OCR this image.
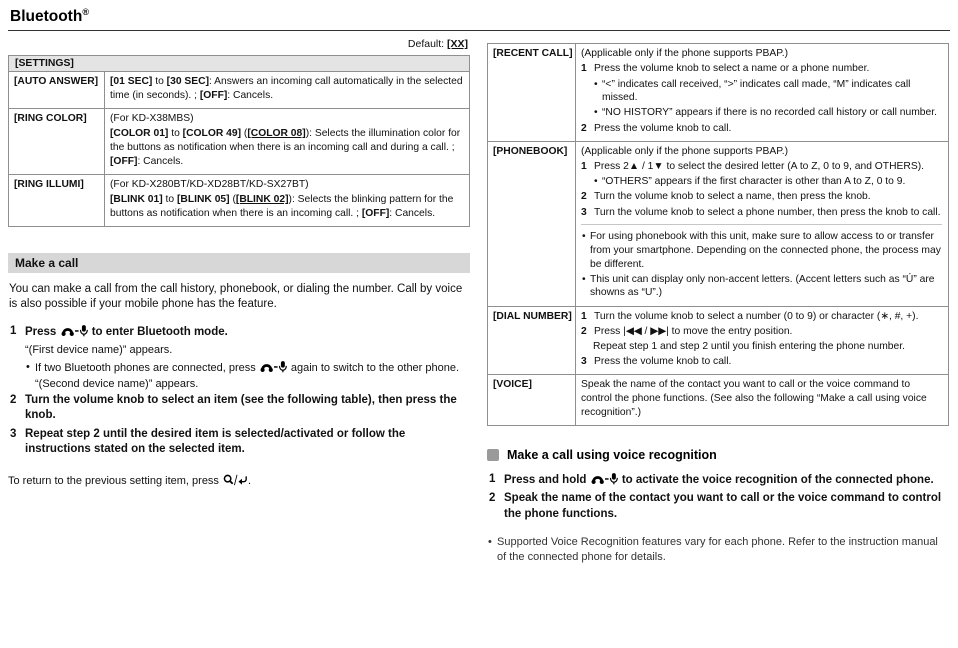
Bluetooth®
Default: [XX]
[SETTINGS]	
[AUTO ANSWER]	[01 SEC] to [30 SEC]: Answers an incoming call automatically in the selected time (in seconds). ; [OFF]: Cancels.

[RING COLOR]	(For KD-X38MBS)
[COLOR 01] to [COLOR 49] ([COLOR 08]): Selects the illumination color for the buttons as notification when there is an incoming call and during a call. ; [OFF]: Cancels.

[RING ILLUMI]	(For KD-X280BT/KD-XD28BT/KD-SX27BT)
[BLINK 01] to [BLINK 05] ([BLINK 02]): Selects the blinking pattern for the buttons as notification when there is an incoming call. ; [OFF]: Cancels.
Make a call

You can make a call from the call history, phonebook, or dialing the number. Call by voice is also possible if your mobile phone has the feature.

1 Press	to enter Bluetooth mode.
“(First device name)” appears.
• If two Bluetooth phones are connected, press	again to switch to the other phone.
“(Second device name)” appears.
2 Turn the volume knob to select an item (see the following table), then press the knob.
3 Repeat step 2 until the desired item is selected/activated or follow the instructions stated on the selected item.

To return to the previous setting item, press .

[RECENT CALL]	(Applicable only if the phone supports PBAP.)
1 Press the volume knob to select a name or a phone number.
• “<” indicates call received, “>” indicates call made, “M” indicates call missed.
• “NO HISTORY” appears if there is no recorded call history or call number.
2 Press the volume knob to call.

[PHONEBOOK]	(Applicable only if the phone supports PBAP.)
1 Press 2▲ / 1▼ to select the desired letter (A to Z, 0 to 9, and OTHERS).
• “OTHERS” appears if the first character is other than A to Z, 0 to 9.
2 Turn the volume knob to select a name, then press the knob.
3 Turn the volume knob to select a phone number, then press the knob to call.
• For using phonebook with this unit, make sure to allow access to or transfer from your smartphone. Depending on the connected phone, the process may be different.
• This unit can display only non-accent letters. (Accent letters such as “Ú” are showns as “U”.)

[DIAL NUMBER]	1 Turn the volume knob to select a number (0 to 9) or character (∗, #, +).
2 Press |◀◀ / ▶▶| to move the entry position.
Repeat step 1 and step 2 until you finish entering the phone number.
3 Press the volume knob to call.

[VOICE]	Speak the name of the contact you want to call or the voice command to control the phone functions. (See also the following “Make a call using voice recognition”.)
Make a call using voice recognition
1 Press and hold	to activate the voice recognition of the connected phone.
2 Speak the name of the contact you want to call or the voice command to control the phone functions.
• Supported Voice Recognition features vary for each phone. Refer to the instruction manual of the connected phone for details.
